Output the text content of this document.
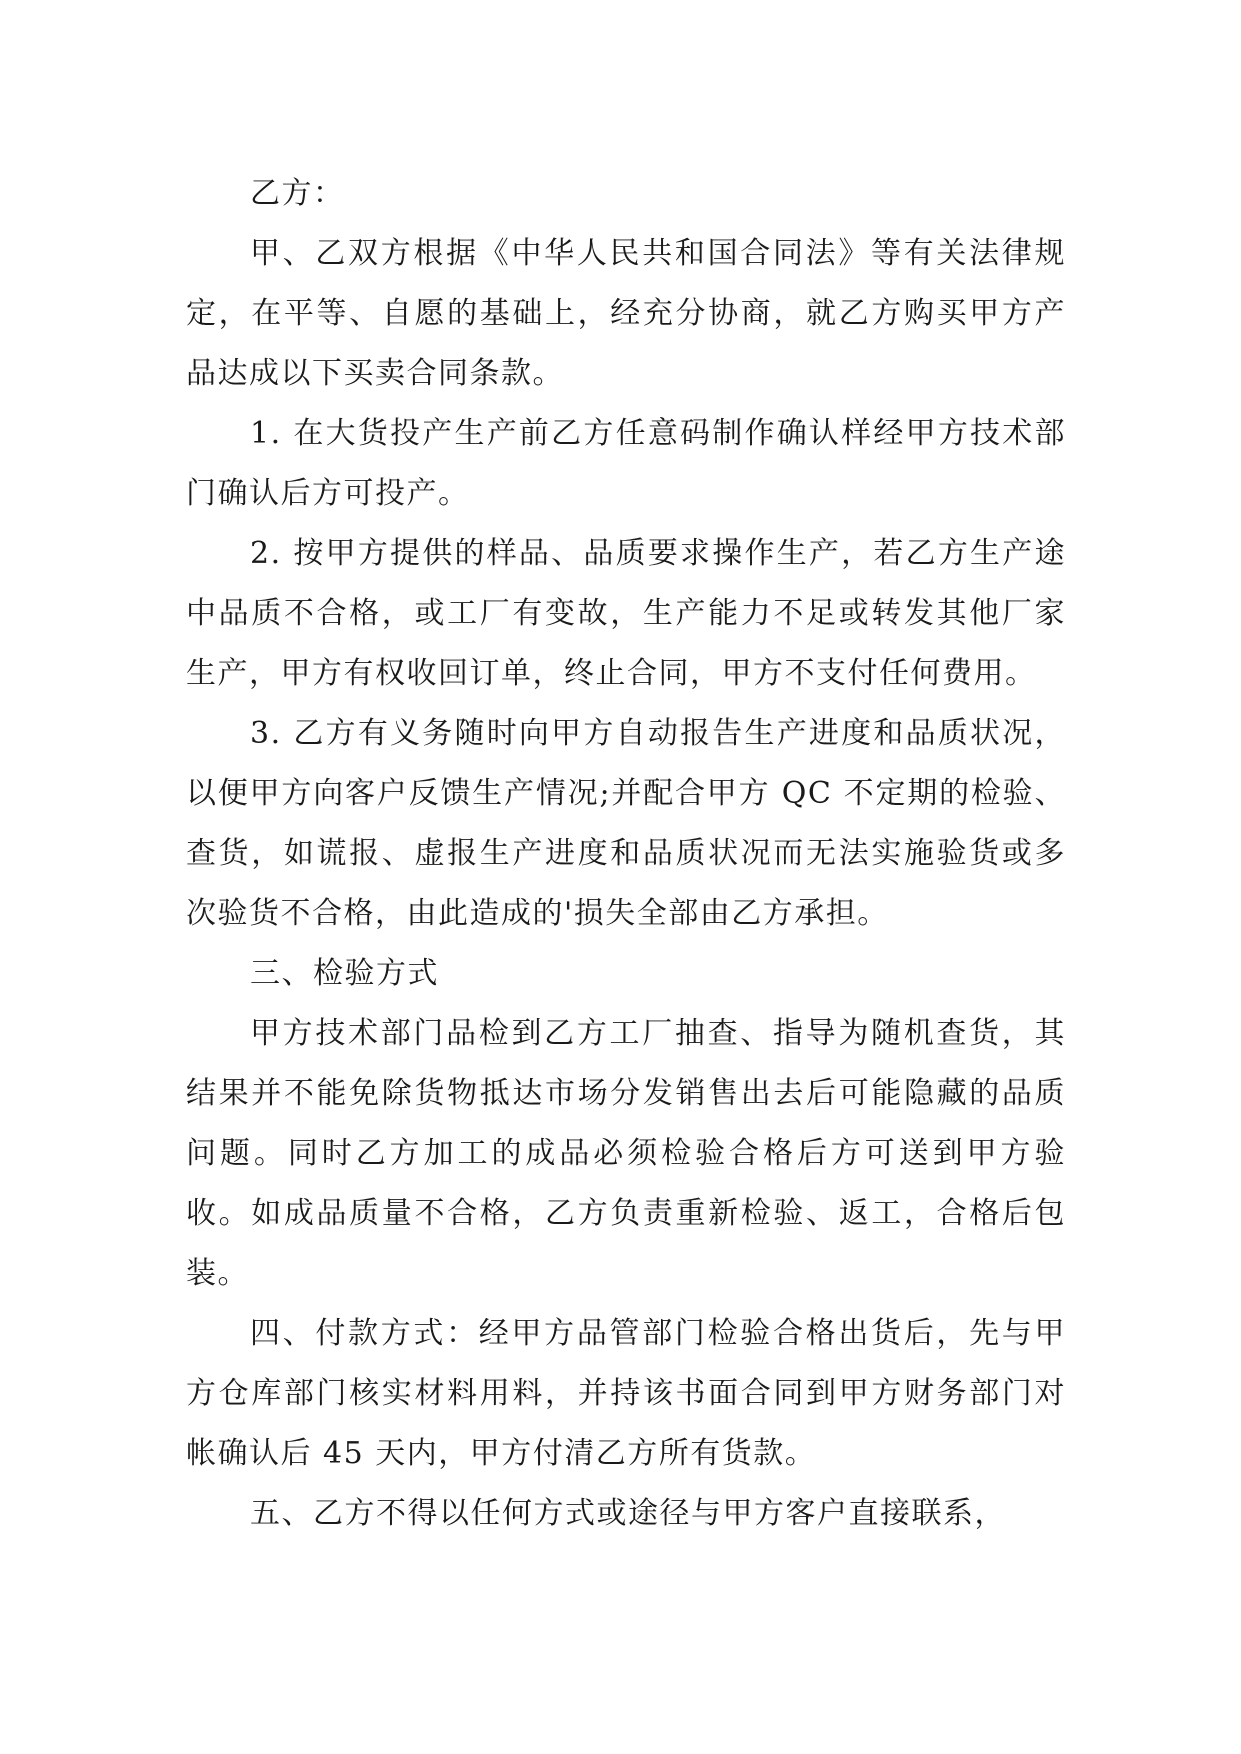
乙方：

甲、乙双方根据《中华人民共和国合同法》等有关法律规定，在平等、自愿的基础上，经充分协商，就乙方购买甲方产品达成以下买卖合同条款。

1. 在大货投产生产前乙方任意码制作确认样经甲方技术部门确认后方可投产。

2. 按甲方提供的样品、品质要求操作生产，若乙方生产途中品质不合格，或工厂有变故，生产能力不足或转发其他厂家生产，甲方有权收回订单，终止合同，甲方不支付任何费用。

3. 乙方有义务随时向甲方自动报告生产进度和品质状况，以便甲方向客户反馈生产情况;并配合甲方 QC 不定期的检验、查货，如谎报、虚报生产进度和品质状况而无法实施验货或多次验货不合格，由此造成的'损失全部由乙方承担。

三、检验方式

甲方技术部门品检到乙方工厂抽查、指导为随机查货，其结果并不能免除货物抵达市场分发销售出去后可能隐藏的品质问题。同时乙方加工的成品必须检验合格后方可送到甲方验收。如成品质量不合格，乙方负责重新检验、返工，合格后包装。

四、付款方式：经甲方品管部门检验合格出货后，先与甲方仓库部门核实材料用料，并持该书面合同到甲方财务部门对帐确认后 45 天内，甲方付清乙方所有货款。

五、乙方不得以任何方式或途径与甲方客户直接联系，
